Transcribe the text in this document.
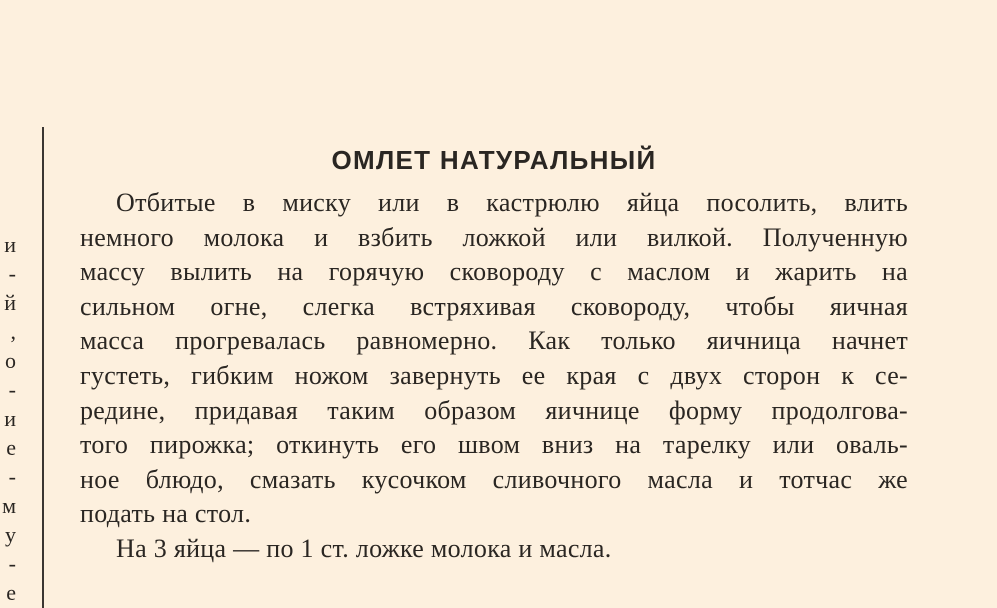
и
-
й
,
о
-
и
е
-
м
у
-
е
ОМЛЕТ НАТУРАЛЬНЫЙ
Отбитые в миску или в кастрюлю яйца посолить, влить
немного молока и взбить ложкой или вилкой. Полученную
массу вылить на горячую сковороду с маслом и жарить на
сильном огне, слегка встряхивая сковороду, чтобы яичная
масса прогревалась равномерно. Как только яичница начнет
густеть, гибким ножом завернуть ее края с двух сторон к се-
редине, придавая таким образом яичнице форму продолгова-
того пирожка; откинуть его швом вниз на тарелку или оваль-
ное блюдо, смазать кусочком сливочного масла и тотчас же
подать на стол.
На 3 яйца — по 1 ст. ложке молока и масла.
